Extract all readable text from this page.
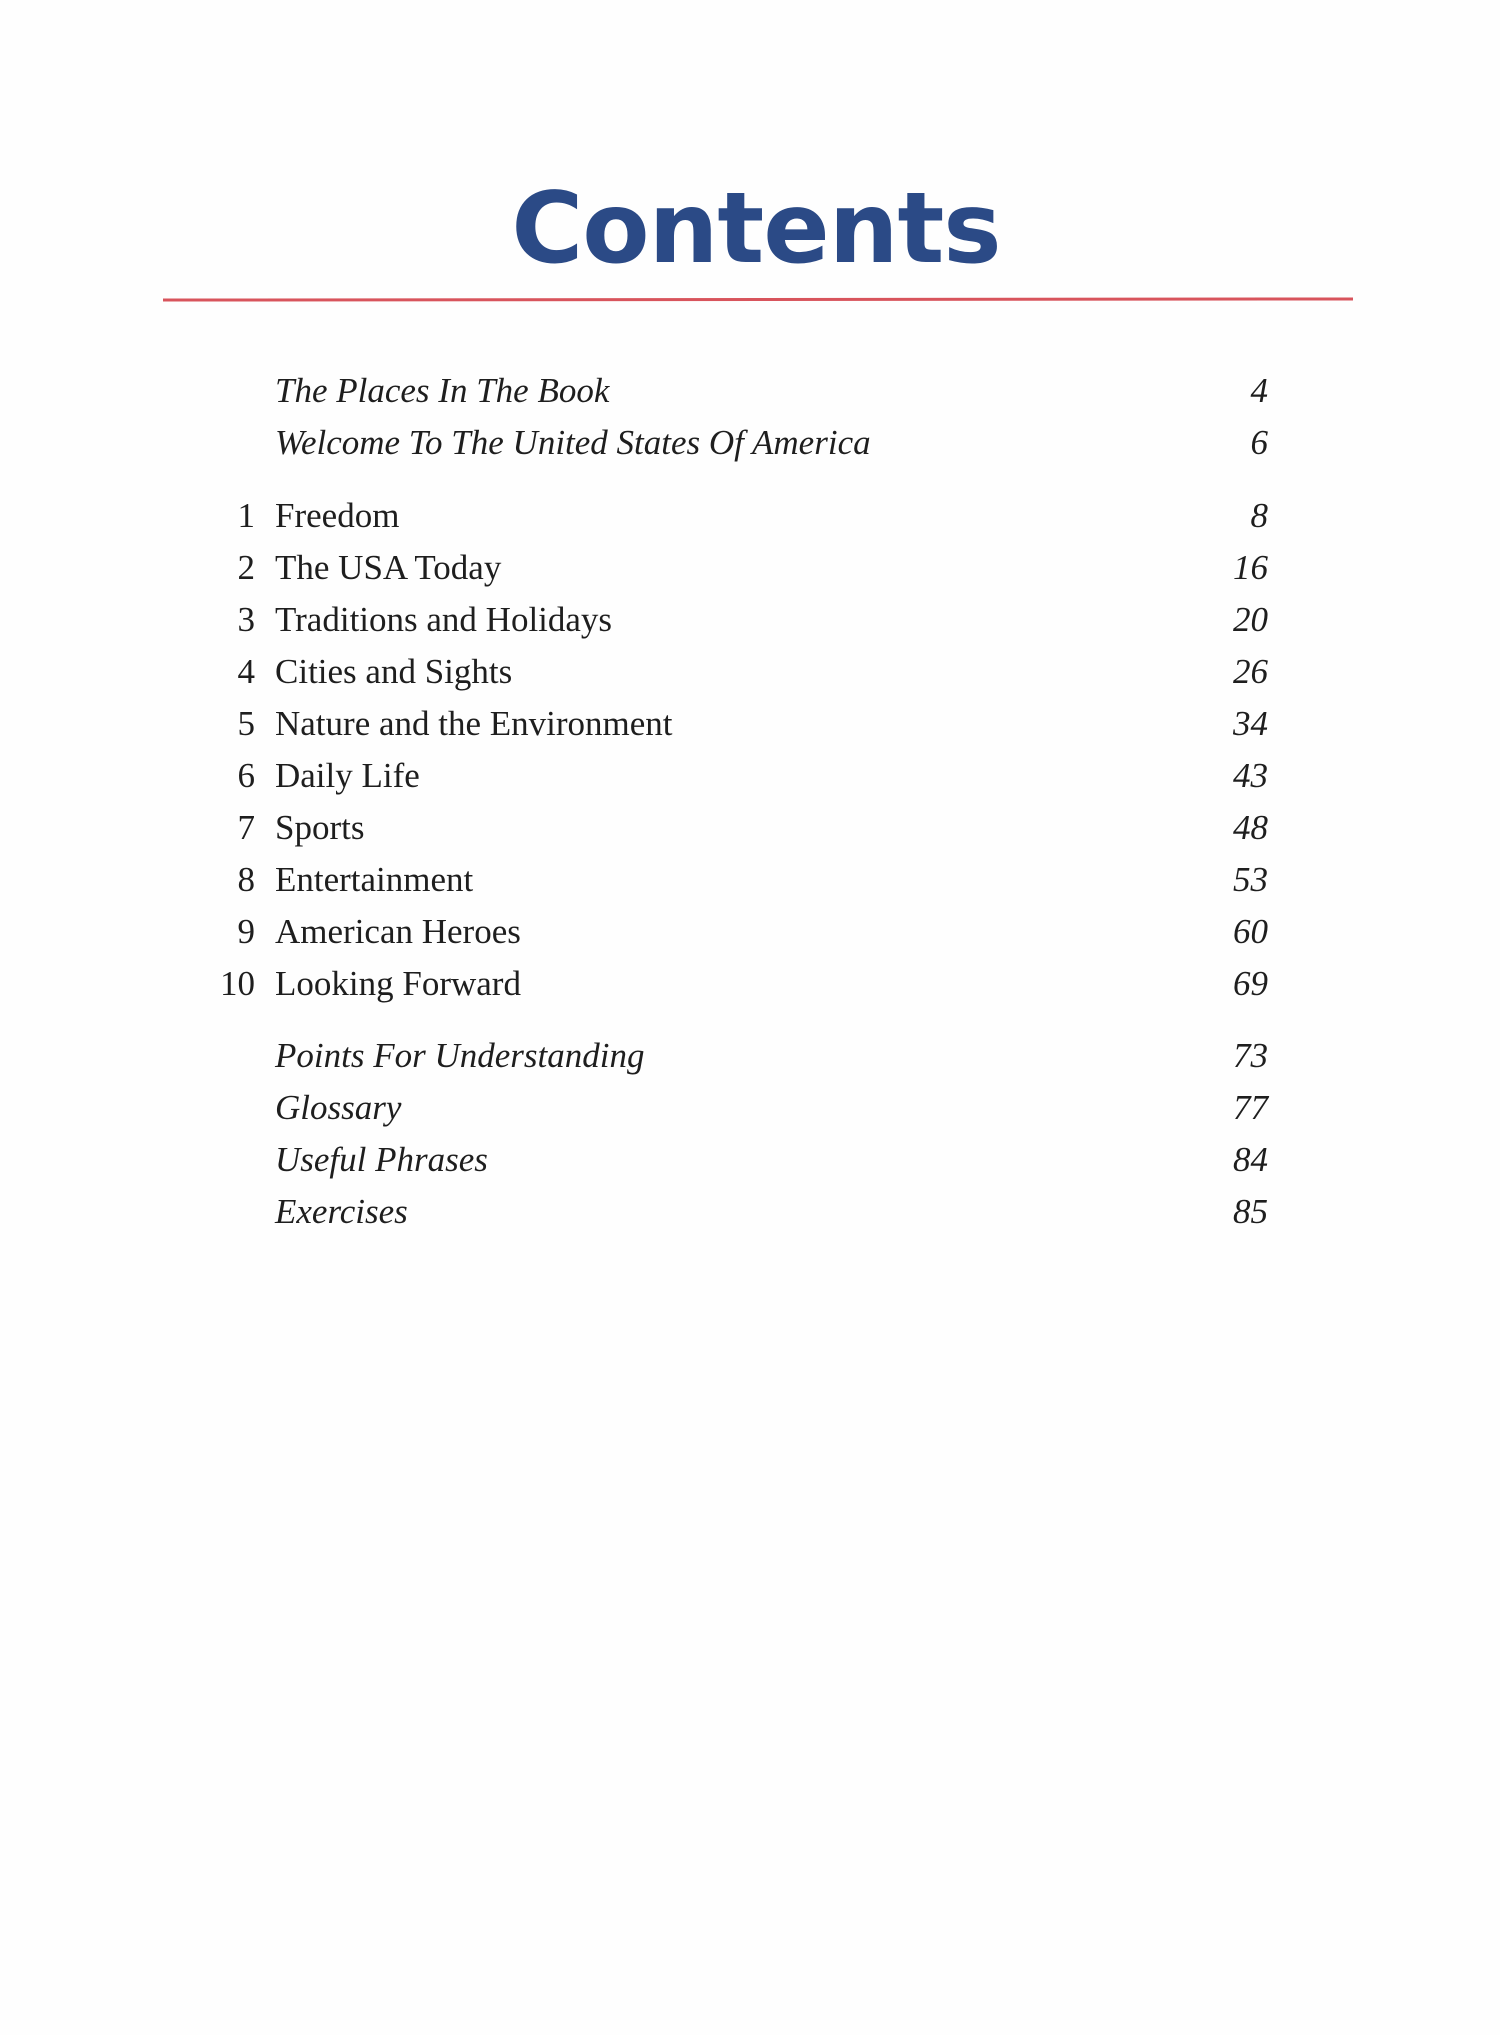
Contents
The Places In The Book	4
Welcome To The United States Of America	6
1 Freedom	8
2 The USA Today	16
3 Traditions and Holidays	20
4 Cities and Sights	26
5 Nature and the Environment	34
6 Daily Life	43
7 Sports	48
8 Entertainment	53
9 American Heroes	60
10 Looking Forward	69
Points For Understanding	73
Glossary	77
Useful Phrases	84
Exercises	85
